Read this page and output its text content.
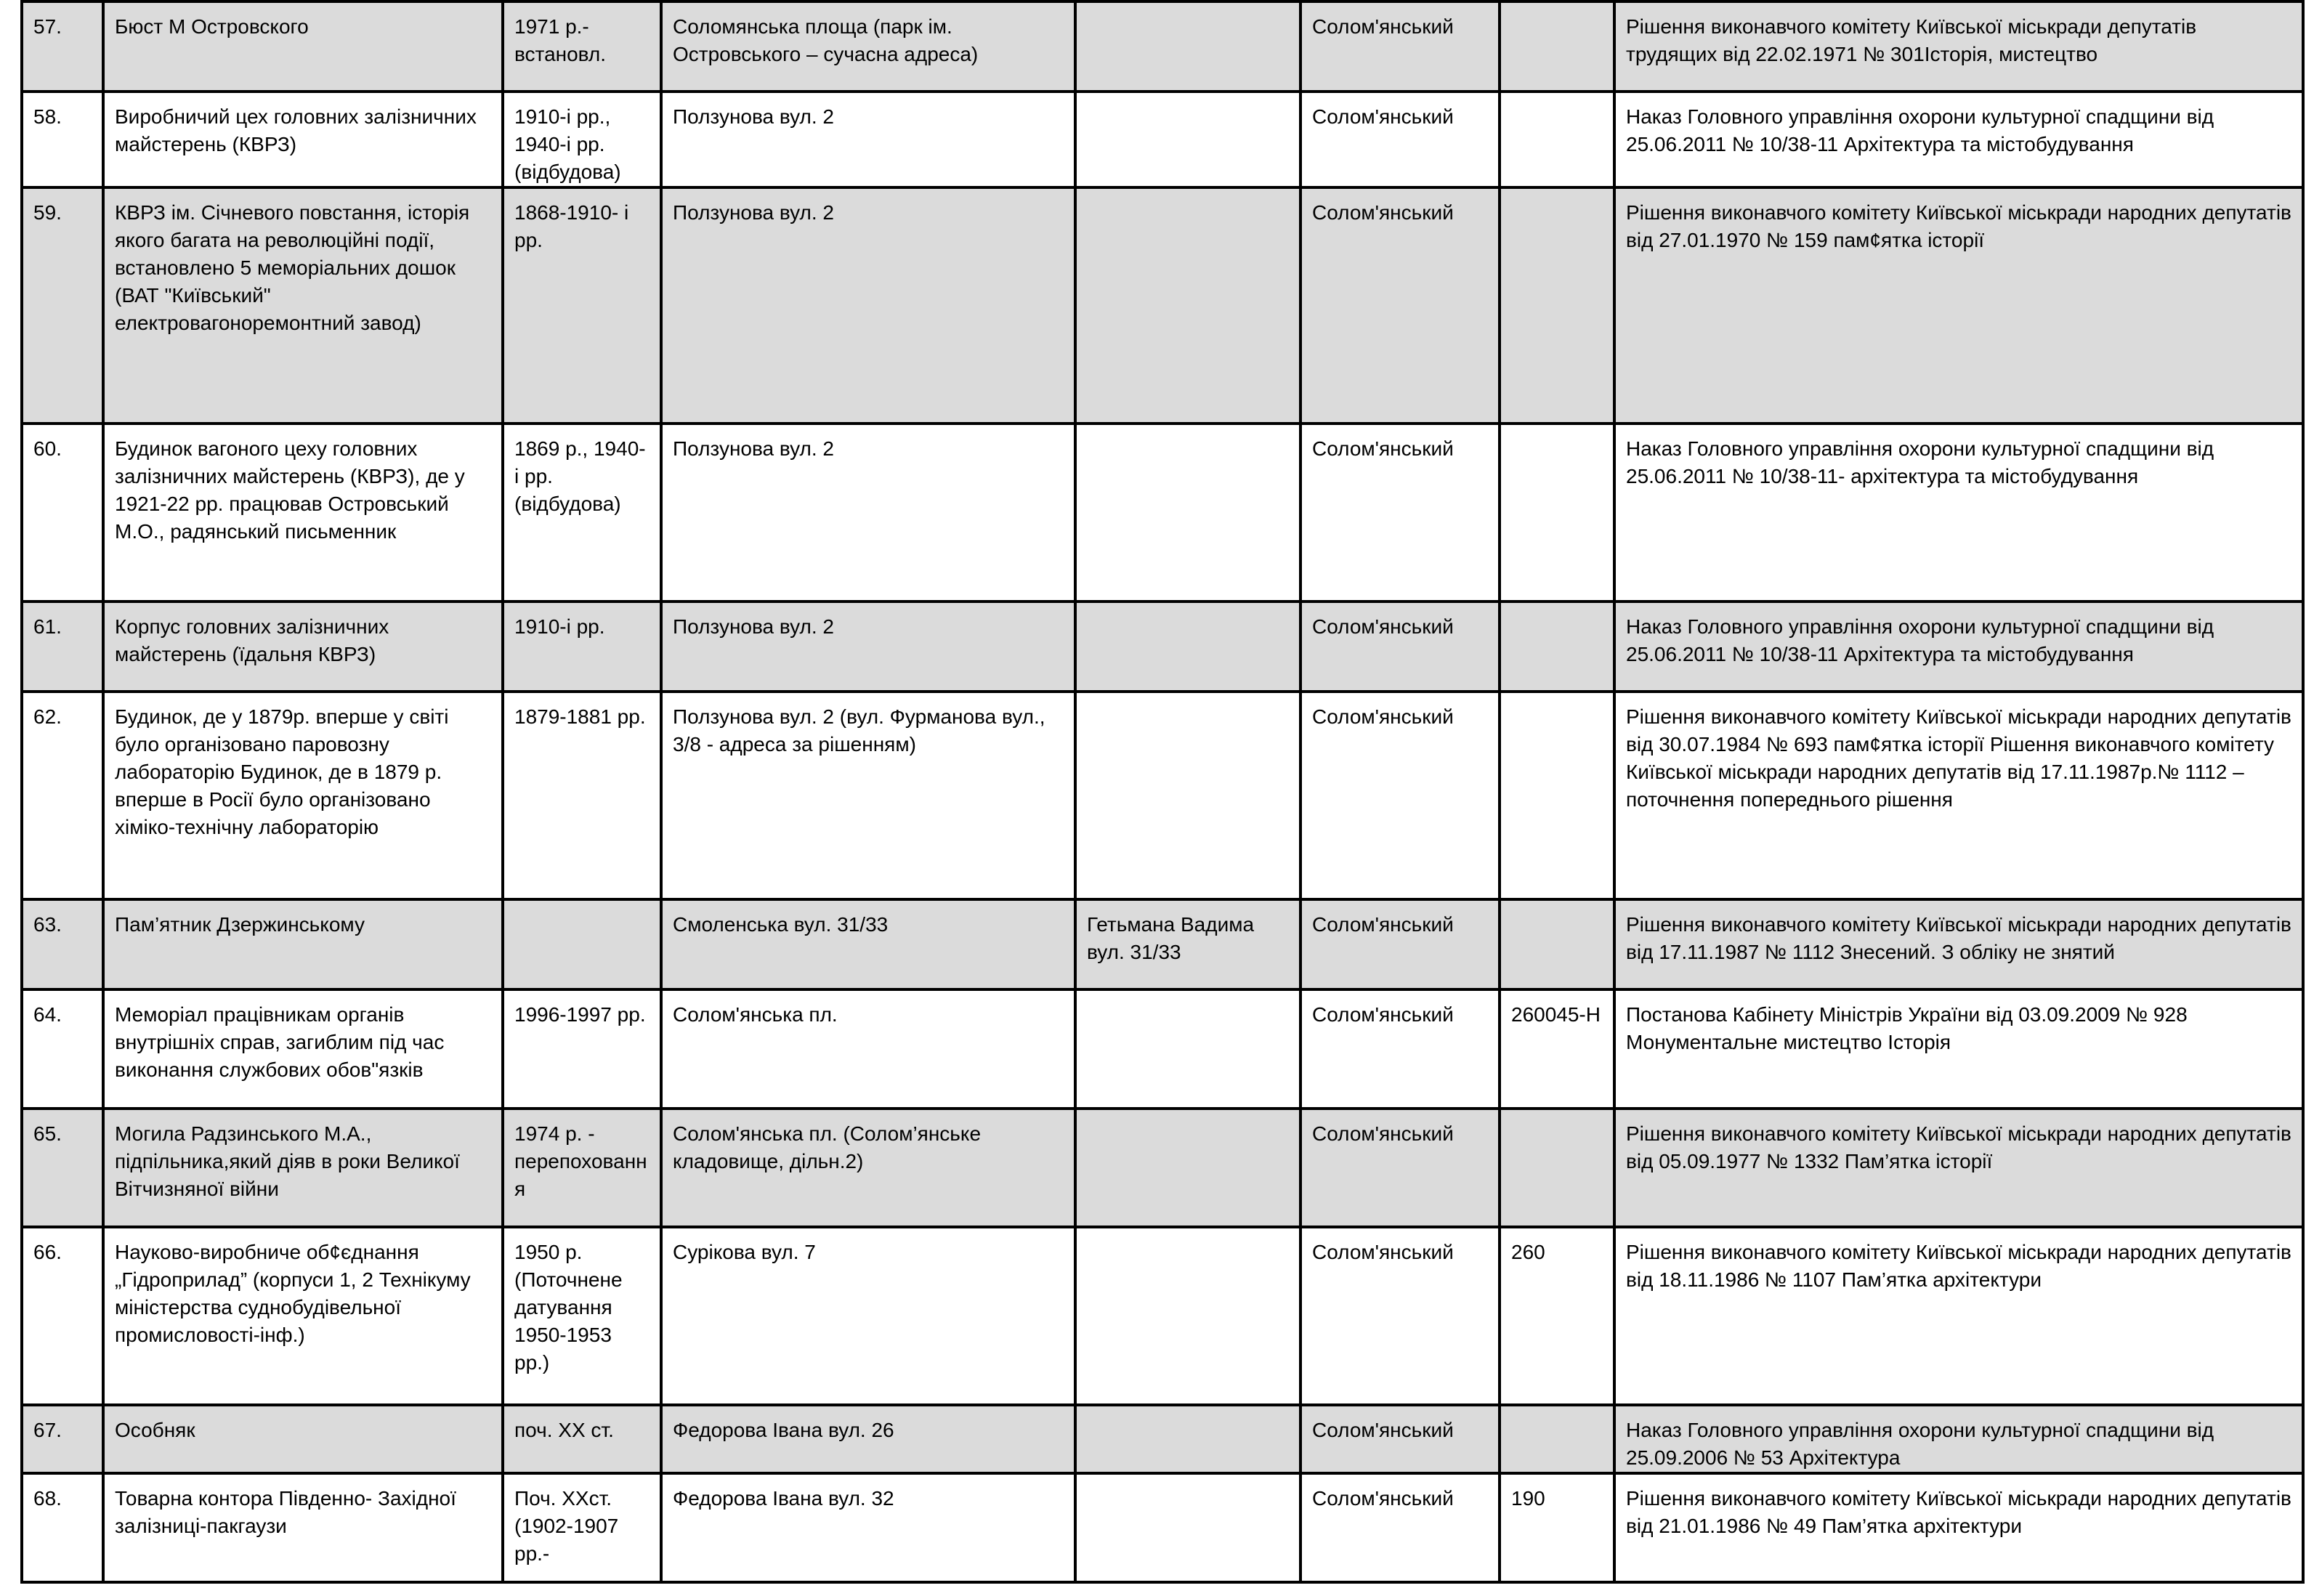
57.	Бюст М Островского	1971 р.- встановл.	Соломянська площа (парк ім. Островського – сучасна адреса)		Солом'янський		Рішення виконавчого комітету Київської міськради депутатів трудящих від 22.02.1971 № 301Історія, мистецтво
58.	Виробничий цех головних залізничних майстерень (КВРЗ)	1910-і рр., 1940-і рр. (відбудова)	Ползунова вул. 2		Солом'янський		Наказ Головного управління охорони культурної спадщини від 25.06.2011 № 10/38-11 Архітектура та містобудування
59.	КВРЗ ім. Січневого повстання, історія якого багата на революційні події, встановлено 5 меморіальних дошок (ВАТ "Київський" електровагоноремонтний завод)	1868-1910- і рр.	Ползунова вул. 2		Солом'янський		Рішення виконавчого комітету Київської міськради народних депутатів від 27.01.1970 № 159 пам¢ятка історії
60.	Будинок вагоного цеху головних залізничних майстерень (КВРЗ), де у 1921-22 рр. працював Островський М.О., радянський письменник	1869 р., 1940-і рр. (відбудова)	Ползунова вул. 2		Солом'янський		Наказ Головного управління охорони культурної спадщини від 25.06.2011 № 10/38-11- архітектура та містобудування
61.	Корпус головних залізничних майстерень (їдальня КВРЗ)	1910-і рр.	Ползунова вул. 2		Солом'янський		Наказ Головного управління охорони культурної спадщини від 25.06.2011 № 10/38-11 Архітектура та містобудування
62.	Будинок, де у 1879р. вперше у світі було організовано паровозну лабораторію Будинок, де в 1879 р. вперше в Росії було організовано хіміко-технічну лабораторію	1879-1881 рр.	Ползунова вул. 2 (вул. Фурманова вул., 3/8 - адреса за рішенням)		Солом'янський		Рішення виконавчого комітету Київської міськради народних депутатів від 30.07.1984 № 693 пам¢ятка історії Рішення виконавчого комітету Київської міськради народних депутатів від 17.11.1987р.№ 1112 – поточнення попереднього рішення
63.	Пам’ятник Дзержинському		Смоленська вул. 31/33	Гетьмана Вадима вул. 31/33	Солом'янський		Рішення виконавчого комітету Київської міськради народних депутатів від 17.11.1987 № 1112 Знесений. З обліку не знятий
64.	Меморіал працівникам органів внутрішніх справ, загиблим під час виконання службових обов"язків	1996-1997 рр.	Солом'янська пл.		Солом'янський	260045-Н	Постанова Кабінету Міністрів України від 03.09.2009 № 928 Монументальне мистецтво Історія
65.	Могила Радзинського М.А., підпільника,який діяв в роки Великої Вітчизняної війни	1974 р. - перепохованн я	Солом'янська пл. (Солом’янське кладовище, дільн.2)		Солом'янський		Рішення виконавчого комітету Київської міськради народних депутатів від 05.09.1977 № 1332 Пам’ятка історії
66.	Науково-виробниче об¢єднання „Гідроприлад” (корпуси 1, 2 Технікуму міністерства суднобудівельної промисловості-інф.)	1950 р. (Поточнене датування 1950-1953 рр.)	Сурікова вул. 7		Солом'янський	260	Рішення виконавчого комітету Київської міськради народних депутатів від 18.11.1986 № 1107 Пам’ятка архітектури
67.	Особняк	поч. ХХ ст.	Федорова Івана вул. 26		Солом'янський		Наказ Головного управління охорони культурної спадщини від 25.09.2006 № 53 Архітектура
68.	Товарна контора Південно- Західної залізниці-пакгаузи	Поч. ХХст. (1902-1907 рр.-	Федорова Івана вул. 32		Солом'янський	190	Рішення виконавчого комітету Київської міськради народних депутатів від 21.01.1986 № 49 Пам’ятка архітектури
